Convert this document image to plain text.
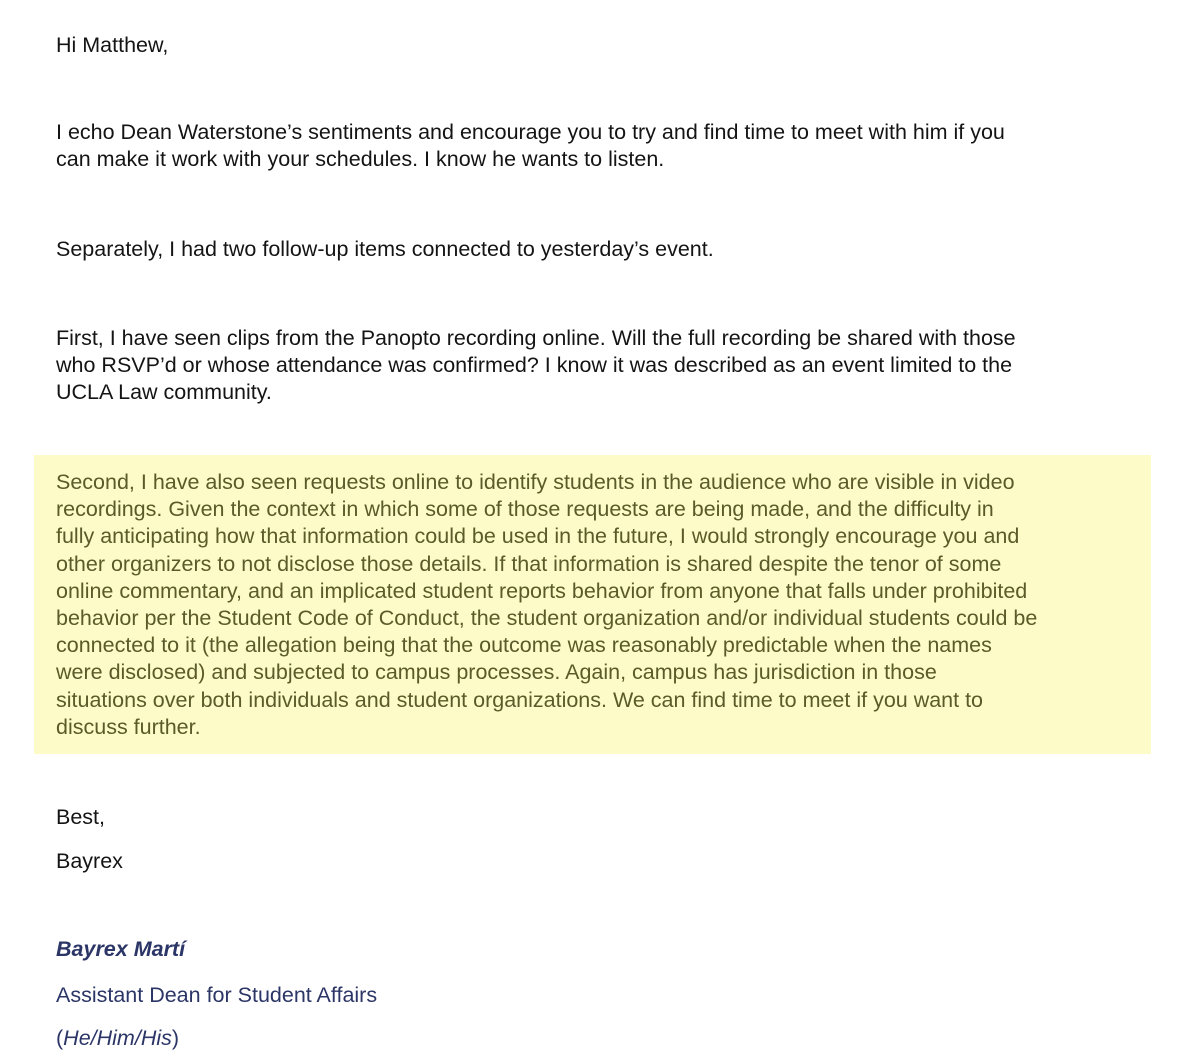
Hi Matthew,

I echo Dean Waterstone’s sentiments and encourage you to try and find time to meet with him if you
can make it work with your schedules. I know he wants to listen.

Separately, I had two follow-up items connected to yesterday’s event.

First, I have seen clips from the Panopto recording online. Will the full recording be shared with those
who RSVP’d or whose attendance was confirmed? I know it was described as an event limited to the
UCLA Law community.

Second, I have also seen requests online to identify students in the audience who are visible in video
recordings. Given the context in which some of those requests are being made, and the difficulty in
fully anticipating how that information could be used in the future, I would strongly encourage you and
other organizers to not disclose those details. If that information is shared despite the tenor of some
online commentary, and an implicated student reports behavior from anyone that falls under prohibited
behavior per the Student Code of Conduct, the student organization and/or individual students could be
connected to it (the allegation being that the outcome was reasonably predictable when the names
were disclosed) and subjected to campus processes. Again, campus has jurisdiction in those
situations over both individuals and student organizations. We can find time to meet if you want to
discuss further.

Best,

Bayrex

Bayrex Martí

Assistant Dean for Student Affairs

(He/Him/His)
